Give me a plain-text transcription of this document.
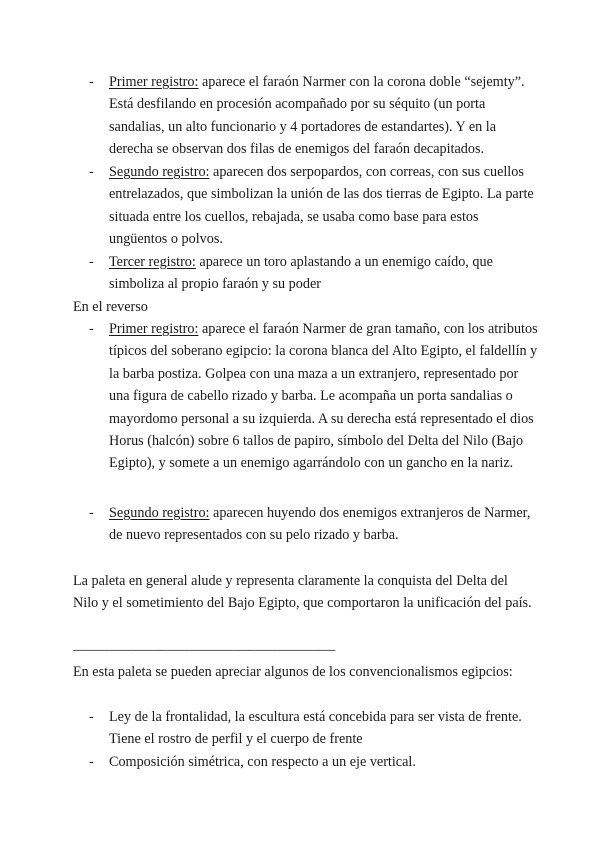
- Primer registro: aparece el faraón Narmer con la corona doble “sejemty”. Está desfilando en procesión acompañado por su séquito (un porta sandalias, un alto funcionario y 4 portadores de estandartes). Y en la derecha se observan dos filas de enemigos del faraón decapitados.
- Segundo registro: aparecen dos serpopardos, con correas, con sus cuellos entrelazados, que simbolizan la unión de las dos tierras de Egipto. La parte situada entre los cuellos, rebajada, se usaba como base para estos ungüentos o polvos.
- Tercer registro: aparece un toro aplastando a un enemigo caído, que simboliza al propio faraón y su poder
En el reverso
- Primer registro: aparece el faraón Narmer de gran tamaño, con los atributos típicos del soberano egipcio: la corona blanca del Alto Egipto, el faldellín y la barba postiza. Golpea con una maza a un extranjero, representado por una figura de cabello rizado y barba. Le acompaña un porta sandalias o mayordomo personal a su izquierda. A su derecha está representado el dios Horus (halcón) sobre 6 tallos de papiro, símbolo del Delta del Nilo (Bajo Egipto), y somete a un enemigo agarrándolo con un gancho en la nariz.
- Segundo registro: aparecen huyendo dos enemigos extranjeros de Narmer, de nuevo representados con su pelo rizado y barba.
La paleta en general alude y representa claramente la conquista del Delta del Nilo y el sometimiento del Bajo Egipto, que comportaron la unificación del país.
____________________________________
En esta paleta se pueden apreciar algunos de los convencionalismos egipcios:
- Ley de la frontalidad, la escultura está concebida para ser vista de frente. Tiene el rostro de perfil y el cuerpo de frente
- Composición simétrica, con respecto a un eje vertical.
